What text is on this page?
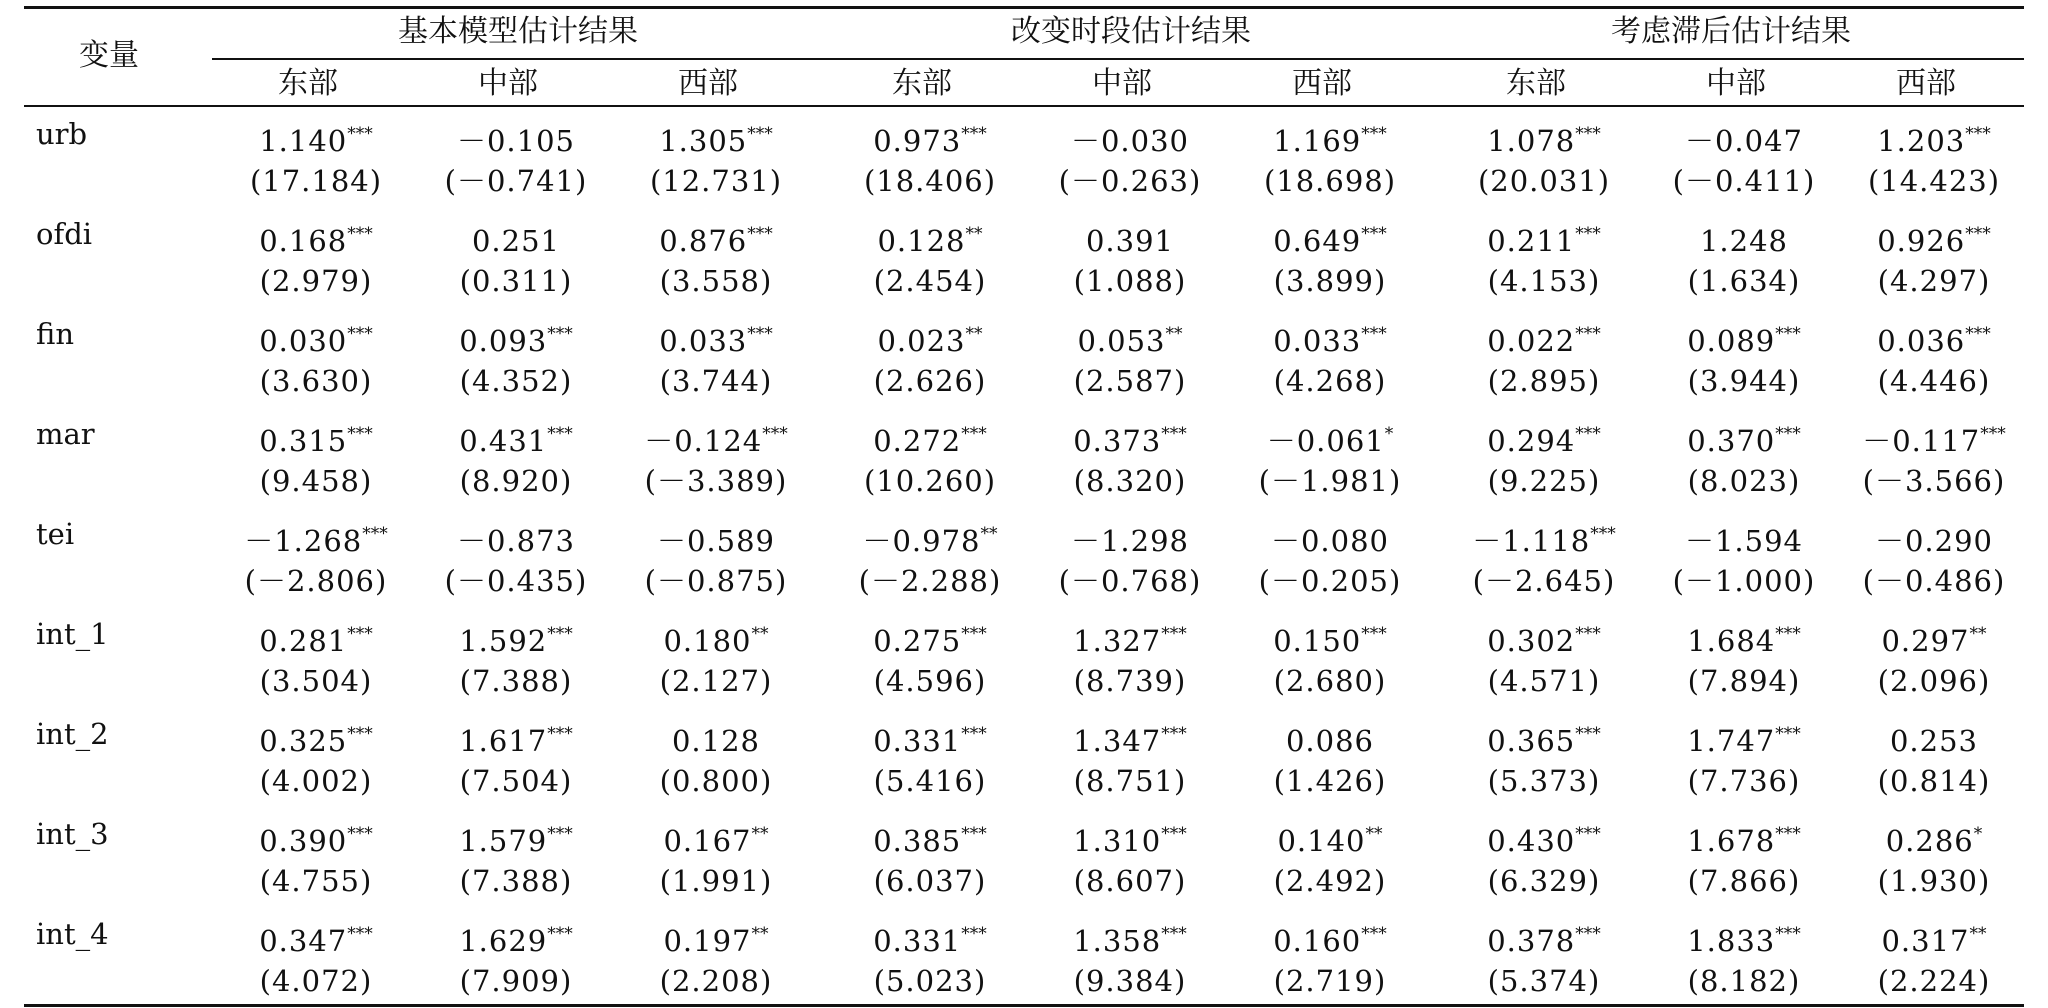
变量
基本模型估计结果	改变时段估计结果	考虑滞后估计结果
东部	中部	西部	东部	中部	西部	东部	中部	西部
urb	1.140***	－0.105	1.305***	0.973***	－0.030	1.169***	1.078***	－0.047	1.203***
(17.184)	(－0.741)	(12.731)	(18.406)	(－0.263)	(18.698)	(20.031)	(－0.411)	(14.423)
ofdi	0.168***	0.251	0.876***	0.128**	0.391	0.649***	0.211***	1.248	0.926***
(2.979)	(0.311)	(3.558)	(2.454)	(1.088)	(3.899)	(4.153)	(1.634)	(4.297)
fin	0.030***	0.093***	0.033***	0.023**	0.053**	0.033***	0.022***	0.089***	0.036***
(3.630)	(4.352)	(3.744)	(2.626)	(2.587)	(4.268)	(2.895)	(3.944)	(4.446)
mar	0.315***	0.431***	－0.124***	0.272***	0.373***	－0.061*	0.294***	0.370***	－0.117***
(9.458)	(8.920)	(－3.389)	(10.260)	(8.320)	(－1.981)	(9.225)	(8.023)	(－3.566)
tei	－1.268***	－0.873	－0.589	－0.978**	－1.298	－0.080	－1.118***	－1.594	－0.290
(－2.806)	(－0.435)	(－0.875)	(－2.288)	(－0.768)	(－0.205)	(－2.645)	(－1.000)	(－0.486)
int_1	0.281***	1.592***	0.180**	0.275***	1.327***	0.150***	0.302***	1.684***	0.297**
(3.504)	(7.388)	(2.127)	(4.596)	(8.739)	(2.680)	(4.571)	(7.894)	(2.096)
int_2	0.325***	1.617***	0.128	0.331***	1.347***	0.086	0.365***	1.747***	0.253
(4.002)	(7.504)	(0.800)	(5.416)	(8.751)	(1.426)	(5.373)	(7.736)	(0.814)
int_3	0.390***	1.579***	0.167**	0.385***	1.310***	0.140**	0.430***	1.678***	0.286*
(4.755)	(7.388)	(1.991)	(6.037)	(8.607)	(2.492)	(6.329)	(7.866)	(1.930)
int_4	0.347***	1.629***	0.197**	0.331***	1.358***	0.160***	0.378***	1.833***	0.317**
(4.072)	(7.909)	(2.208)	(5.023)	(9.384)	(2.719)	(5.374)	(8.182)	(2.224)
